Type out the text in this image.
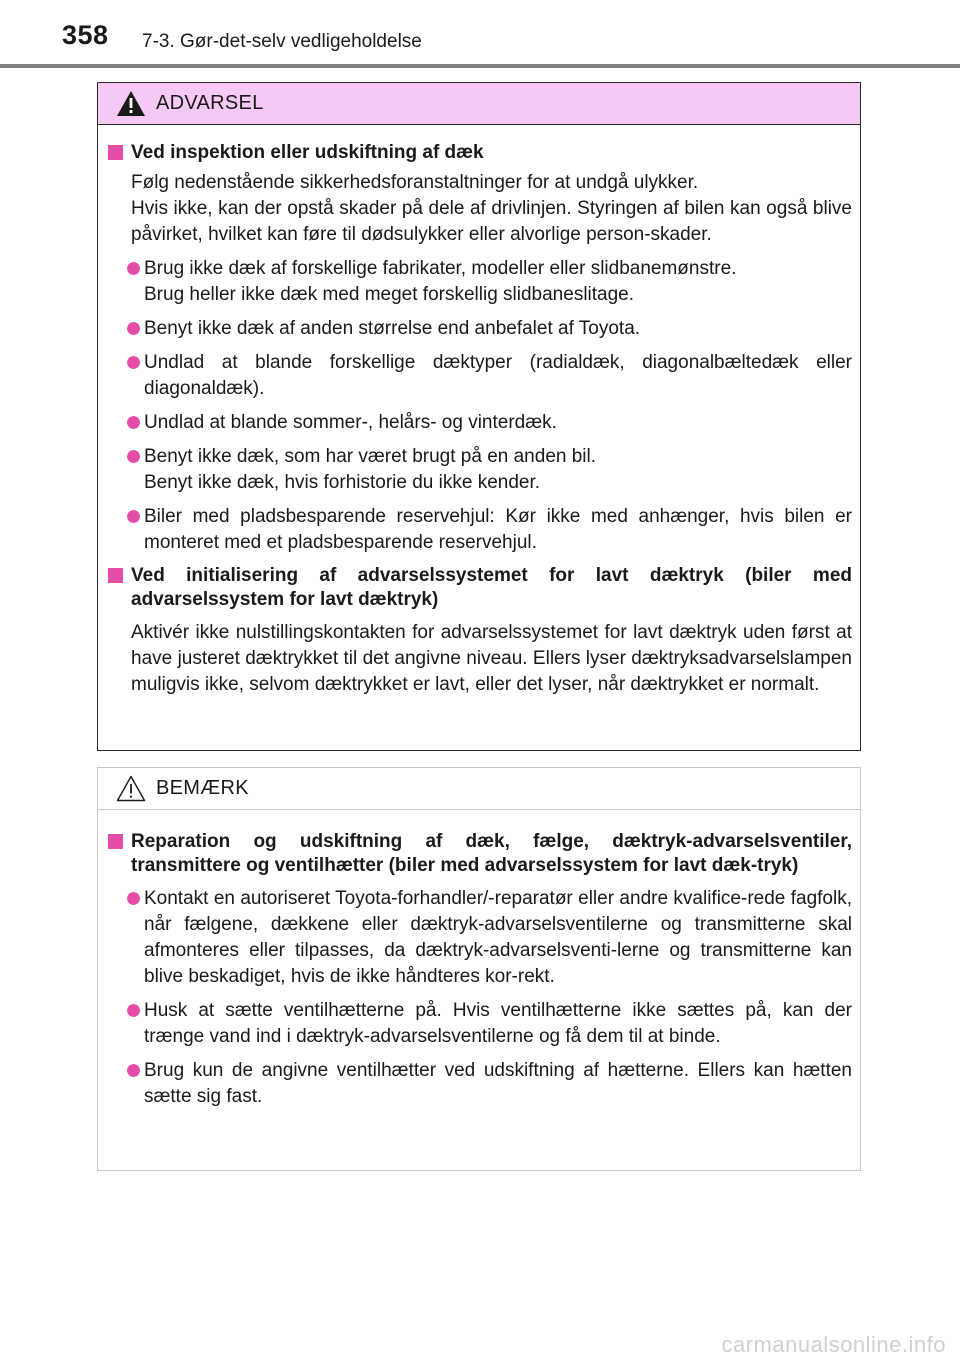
358 7-3. Gør-det-selv vedligeholdelse
ADVARSEL
Ved inspektion eller udskiftning af dæk
Følg nedenstående sikkerhedsforanstaltninger for at undgå ulykker.
Hvis ikke, kan der opstå skader på dele af drivlinjen. Styringen af bilen kan også blive påvirket, hvilket kan føre til dødsulykker eller alvorlige person-skader.
Brug ikke dæk af forskellige fabrikater, modeller eller slidbanemønstre.
Brug heller ikke dæk med meget forskellig slidbaneslitage.
Benyt ikke dæk af anden størrelse end anbefalet af Toyota.
Undlad at blande forskellige dæktyper (radialdæk, diagonalbæltedæk eller diagonaldæk).
Undlad at blande sommer-, helårs- og vinterdæk.
Benyt ikke dæk, som har været brugt på en anden bil.
Benyt ikke dæk, hvis forhistorie du ikke kender.
Biler med pladsbesparende reservehjul: Kør ikke med anhænger, hvis bilen er monteret med et pladsbesparende reservehjul.
Ved initialisering af advarselssystemet for lavt dæktryk (biler med advarselssystem for lavt dæktryk)
Aktivér ikke nulstillingskontakten for advarselssystemet for lavt dæktryk uden først at have justeret dæktrykket til det angivne niveau. Ellers lyser dæktryksadvarselslampen muligvis ikke, selvom dæktrykket er lavt, eller det lyser, når dæktrykket er normalt.
BEMÆRK
Reparation og udskiftning af dæk, fælge, dæktryk-advarselsventiler, transmittere og ventilhætter (biler med advarselssystem for lavt dæk-tryk)
Kontakt en autoriseret Toyota-forhandler/-reparatør eller andre kvalifice-rede fagfolk, når fælgene, dækkene eller dæktryk-advarselsventilerne og transmitterne skal afmonteres eller tilpasses, da dæktryk-advarselsventi-lerne og transmitterne kan blive beskadiget, hvis de ikke håndteres kor-rekt.
Husk at sætte ventilhætterne på. Hvis ventilhætterne ikke sættes på, kan der trænge vand ind i dæktryk-advarselsventilerne og få dem til at binde.
Brug kun de angivne ventilhætter ved udskiftning af hætterne. Ellers kan hætten sætte sig fast.
carmanualsonline.info
